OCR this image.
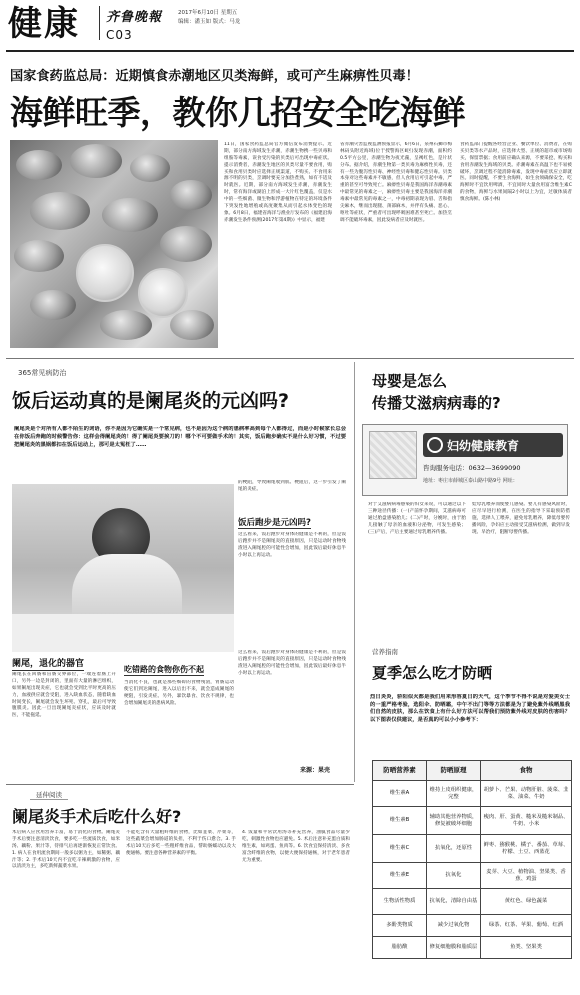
健康 齐鲁晚報	2017年6月10日 星期五
编辑：潘玉如 版式：马龙
C03
国家食药监总局：近期慎食赤潮地区贝类海鲜，或可产生麻痹性贝毒！
海鲜旺季，教你几招安全吃海鲜
11日，国家食药监总局官方微信发布消费提示。近期，部分南方海域发生赤潮，赤潮生物携一些贝毒和组胺等毒素，误食受污染的贝类后可出现中毒症状。提示消费者，赤潮发生地区的贝类尽量不要食用，购买和食用贝类时应选择正规渠道，不购买、不食用来源不明的贝类，烹调时要充分加热煮熟，如有不适及时就医。近期，部分南方海域发生赤潮，赤潮发生时，常有海洋或湖泊上形成一大片红色覆盖，仅是水中的一些细菌、微生物和浮游植物在特定的环境条件下突发性地增殖或高度聚集从而引起水体变色的现象。6月8日，福建省海洋与渔业厅发布的《福建沿海赤潮发生条件预测(2017年第4期)》中显示，福建
省赤潮灾害监视监测预报显示，6月6日，泉州石狮市梅林码头附近海域(位于授警海区Ⅱ区)发现赤潮，面积约0.5平方公里，赤潮生物为夜光藻，呈褐红色，是片状分布。据介绍，赤潮生物第一类贝毒为麻痹性贝毒，还有一些为腹泻性贝毒、神经性贝毒和健忘性贝毒。贝类本身对这些毒素并不敏感，但人食用后可引起中毒，严重的甚至可导致死亡。麻痹性贝毒是我国海洋赤潮毒素中最常见的毒素之一，麻痹性贝毒主要是我国海洋赤潮毒素中最常见的毒素之一，中毒初期表现为唇、舌和指尖麻木，继而出现腿、颈部麻木，并伴有头痛、恶心、呕吐等症状，严重者可出现呼吸困难甚至死亡。加热烹调不能破坏毒素，因此发病者应及时就医。
食药监部门提醒各经营企业、餐饮单位、消费者，在购买贝类等水产品时，应选择大型、正规的超市或市场购买，保留票据；食用前应确认来源，不要采挖、购买和食用赤潮发生海域的贝类。赤潮毒素在高温下也不易被破坏，烹调过程不能消除毒素，发现中毒症状应立即就医。同时提醒，不要生食海鲜，如生食须确保安全，吃海鲜时不宜饮用啤酒，不宜同时大量食用富含维生素C的食物，海鲜与水果间隔2小时以上为宜，过敏体质者慎食海鲜。(陈小林)
365常见病防治
饭后运动真的是阑尾炎的元凶吗?
阑尾炎是个对所有人都不陌生的词语，你不是因为它确实是一个常见病，也不是因为这个病的患病率高到每个人都得过，而是小时候家长总会在你饭后奔跑的时候警告你：这样会得阑尾炎的！得了阑尾炎要挨刀的！哪个不可要做手术的！其实，饭后跑步确实不是什么好习惯，不过要把阑尾炎的黑锅都扣在饭后运动上，那可是太冤枉了……
阑尾，退化的器官
阑尾长在回肠和盲肠交界部位，一端连着肠上开口，另外一边是封闭的，里面有大量的淋巴组织，如果阑尾出现炎症，它也就会受到比平时更高的压力，血液供应就会受阻，进入缺血状态，随着缺血时间变长，阑尾就会发生坏死、穿孔，最后可导致腹膜炎。因此一旦出现阑尾炎症状，应该及时就医，不能拖延。
的梗阻，导致阑尾收到肌、梗阻后，这一步引发了阑尾的炎症。
饭后跑步是元凶吗?
这么看来，饭后跑步对身体的健康是不利的，但是饭后跑步并不是阑尾炎的直接原因，只是运动时食物残渣进入阑尾腔的可能性会增加，因此饭后最好休息半小时以上再运动。
吃错路的食物你伤不起
当消化不良，也就是那些细碎的食物残渣，胃肠运动使它们到达阑尾，进入以后出不来，就会造成阑尾的梗阻，引发炎症。另外，暴饮暴食、饮食不规律，也会增加阑尾炎的患病风险。
这么看来，饭后跑步对身体的健康是不利的，但是饭后跑步并不是阑尾炎的直接原因，只是运动时食物残渣进入阑尾腔的可能性会增加，因此饭后最好休息半小时以上再运动。
来源：果壳
延伸阅读
阑尾炎手术后吃什么好?
术后病人应食用营养丰富，易于消化的食物。阑尾炎手术后要注意清淡饮食，要多吃一些流质饮食，如米汤、藕粉、果汁等，待排气后再逐渐恢复正常饮食。1. 病人在食用流食期间一般多以粥为主，如稀粥、藕汁等；2. 手术后10天内不宜吃辛辣刺激的食物，应以清淡为主，多吃新鲜蔬菜水果。
不能吃含有大量粗纤维的食物，比如韭菜、芹菜等，这些蔬菜会增加肠道的负担，不利于伤口愈合。3. 手术后10天后多吃一些粗纤维食品，帮助肠蠕动以及大便通畅。要注意各种营养素的平衡。
4. 饭量和平常饮用汤等补充营养，油腻食品尽量少吃，刺激性食物也应避免。5. 术后注意补充蛋白质和维生素，如鸡蛋、鱼肉等。6. 饮食宜保持清淡、多食富含纤维的食物，以便大便保持通畅，对于老年患者尤为重要。
母婴是怎么
传播艾滋病病毒的?
妇幼健康教育
咨询服务电话：0632—3699090
地址：枣庄市薛城区泰山路中路9号 网址：
对于艾滋病病毒感染的妇女来说，可以通过以下三种途径传播：(一)产前怀孕期间，艾滋病毒可通过胎盘感染胎儿；(二)产时，分娩时，由于胎儿接触了母亲的血液和分泌物，可发生感染；(三)产后，产后主要通过母乳喂养传播。
娃母乳喂养而使婴儿感染。婴儿有感染风险时，应尽早进行检测，在医生的指导下采取预防措施，选择人工喂养，避免母乳喂养，降低母婴传播风险，孕妇应主动接受艾滋病检测，做到早发现、早治疗，阻断母婴传播。
营养指南
夏季怎么吃才防晒
烈日炎炎，骄阳似火都是我们用来形容夏日的天气，这个季节不得不说是对爱美女士的一重严格考验，选阳伞、防晒霜，中午不出门等等方法都是为了避免紫外线晒黑我们自然的皮肤，那么在饮食上有什么好方法可以帮我们预防紫外线对皮肤的伤害吗？以下图表仅供建议，是否真的可以小小参考下：
防晒营养素	防晒原理	食物
维生素A	维持上皮组织健康，完整	胡萝卜、芒果、动物肝脏、菠菜、韭菜、油菜、牛奶
维生素B	辅助其他营养物质，修复被破坏细胞	瘦肉、肝、蛋黄、糙米及糙米制品、牛奶、小米
维生素C	抗氧化，还原性	鲜枣、猕猴桃、橘子、番茄、草莓、柠檬、土豆、西蓝花
维生素E	抗氧化	麦芽、大豆、植物油、坚果类、香蕉、鸡蛋
生物活性物质	抗氧化，清除自由基	黄红色、绿色蔬菜
多酚类物质	减少过氧化物	绿茶、红茶、苹果、葡萄、红酒
脂肪酸	修复细胞膜和脂质层	鱼类、坚果类
